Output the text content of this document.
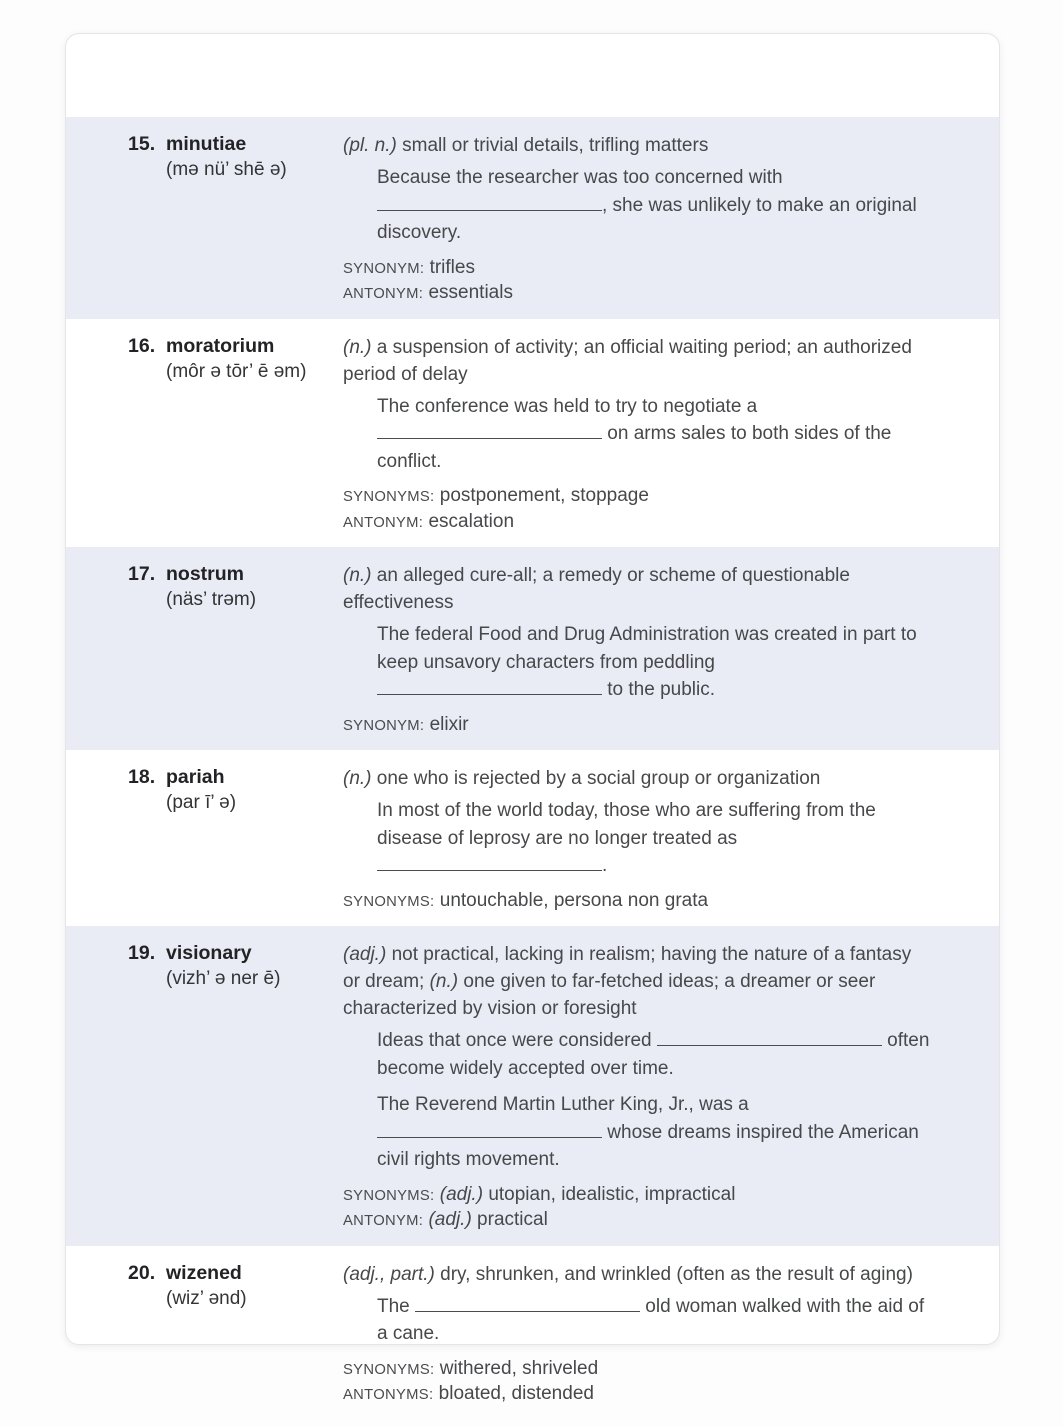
15. minutiae
(mə nü’ shē ə)

(pl. n.) small or trivial details, trifling matters

Because the researcher was too concerned with , she was unlikely to make an original discovery.

SYNONYM: trifles

ANTONYM: essentials

16. moratorium
(môr ə tōr’ ē əm)

(n.) a suspension of activity; an official waiting period; an authorized period of delay

The conference was held to try to negotiate a  on arms sales to both sides of the conflict.

SYNONYMS: postponement, stoppage

ANTONYM: escalation

17. nostrum
(näs’ trəm)

(n.) an alleged cure-all; a remedy or scheme of questionable effectiveness

The federal Food and Drug Administration was created in part to keep unsavory characters from peddling  to the public.

SYNONYM: elixir

18. pariah
(par ī’ ə)

(n.) one who is rejected by a social group or organization

In most of the world today, those who are suffering from the disease of leprosy are no longer treated as .

SYNONYMS: untouchable, persona non grata

19. visionary
(vizh’ ə ner ē)

(adj.) not practical, lacking in realism; having the nature of a fantasy or dream; (n.) one given to far-fetched ideas; a dreamer or seer characterized by vision or foresight

Ideas that once were considered	often become widely accepted over time.

The Reverend Martin Luther King, Jr., was a  whose dreams inspired the American civil rights movement.

SYNONYMS: (adj.) utopian, idealistic, impractical

ANTONYM: (adj.) practical

20. wizened
(wiz’ ənd)

(adj., part.) dry, shrunken, and wrinkled (often as the result of aging)

The	old woman walked with the aid of a cane.

SYNONYMS: withered, shriveled

ANTONYMS: bloated, distended
